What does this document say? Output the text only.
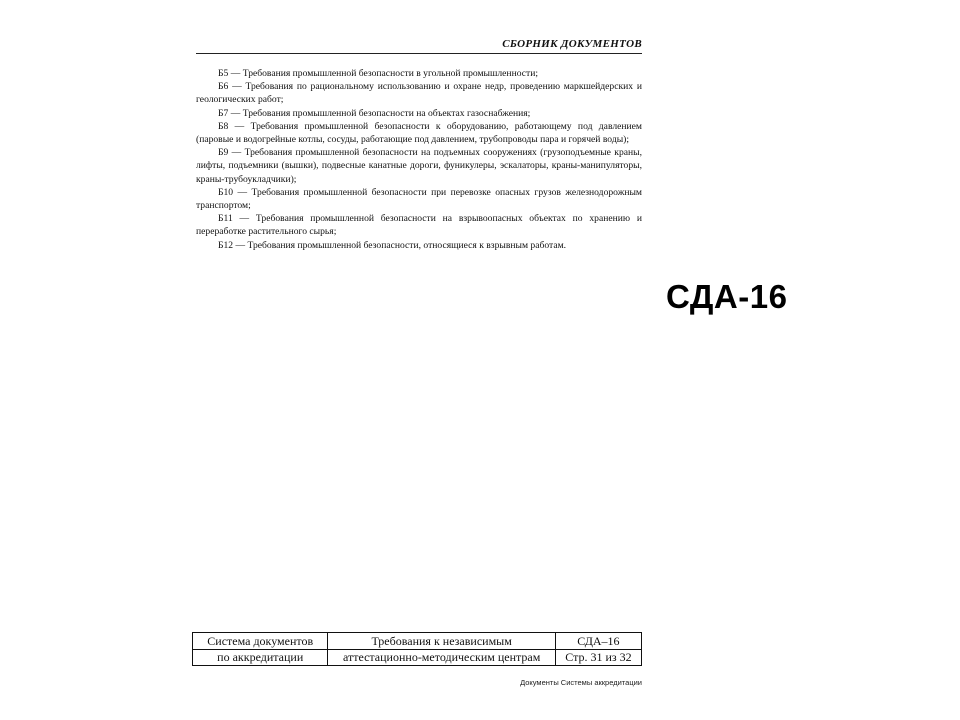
СБОРНИК ДОКУМЕНТОВ

Б5 — Требования промышленной безопасности в угольной промышленности;

Б6 — Требования по рациональному использованию и охране недр, проведению маркшейдерских и геологических работ;

Б7 — Требования промышленной безопасности на объектах газоснабжения;

Б8 — Требования промышленной безопасности к оборудованию, работающему под давлением (паровые и водогрейные котлы, сосуды, работающие под давлением, трубопроводы пара и горячей воды);

Б9 — Требования промышленной безопасности на подъемных сооружениях (грузоподъемные краны, лифты, подъемники (вышки), подвесные канатные дороги, фуникулеры, эскалаторы, краны-манипуляторы, краны-трубоукладчики);

Б10 — Требования промышленной безопасности при перевозке опасных грузов железнодорожным транспортом;

Б11 — Требования промышленной безопасности на взрывоопасных объектах по хранению и переработке растительного сырья;

Б12 — Требования промышленной безопасности, относящиеся к взрывным работам.

СДА-16
Система документов	Требования к независимым	СДА–16
по аккредитации	аттестационно-методическим центрам	Стр. 31 из 32
Документы Системы аккредитации
